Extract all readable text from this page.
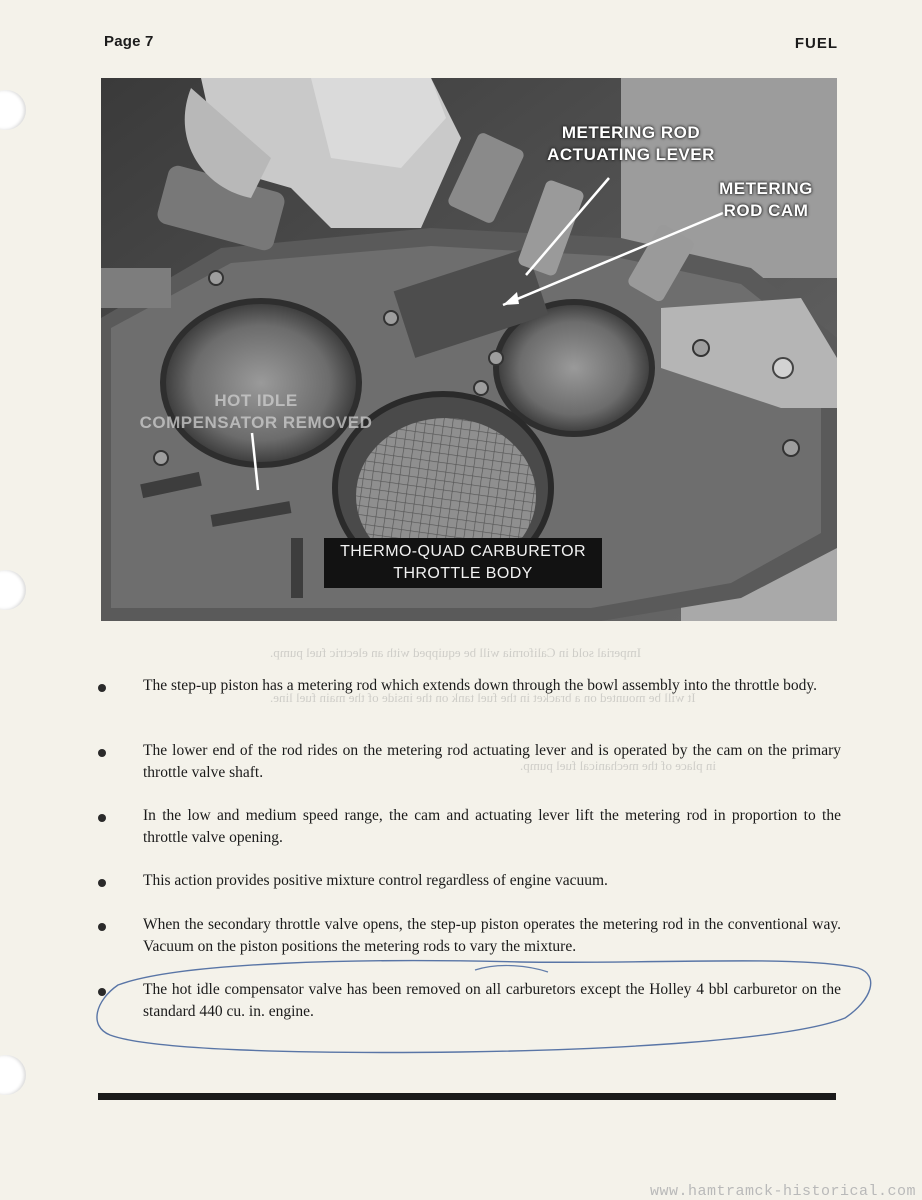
Page 7	FUEL
METERING ROD
ACTUATING LEVER
METERING
ROD CAM
HOT IDLE
COMPENSATOR REMOVED
THERMO-QUAD CARBURETOR
THROTTLE BODY
Imperial sold in California will be equipped with an electric fuel pump.
It will be mounted on a bracket in the fuel tank on the inside of the main fuel line.
in place of the mechanical fuel pump.
The step-up piston has a metering rod which extends down through the bowl assembly into the throttle body.
The lower end of the rod rides on the metering rod actuating lever and is operated by the cam on the primary throttle valve shaft.
In the low and medium speed range, the cam and actuating lever lift the metering rod in proportion to the throttle valve opening.
This action provides positive mixture control regardless of engine vacuum.
When the secondary throttle valve opens, the step-up piston operates the metering rod in the conventional way. Vacuum on the piston positions the metering rods to vary the mixture.
The hot idle compensator valve has been removed on all carburetors except the Holley 4 bbl carburetor on the standard 440 cu. in. engine.
www.hamtramck-historical.com
